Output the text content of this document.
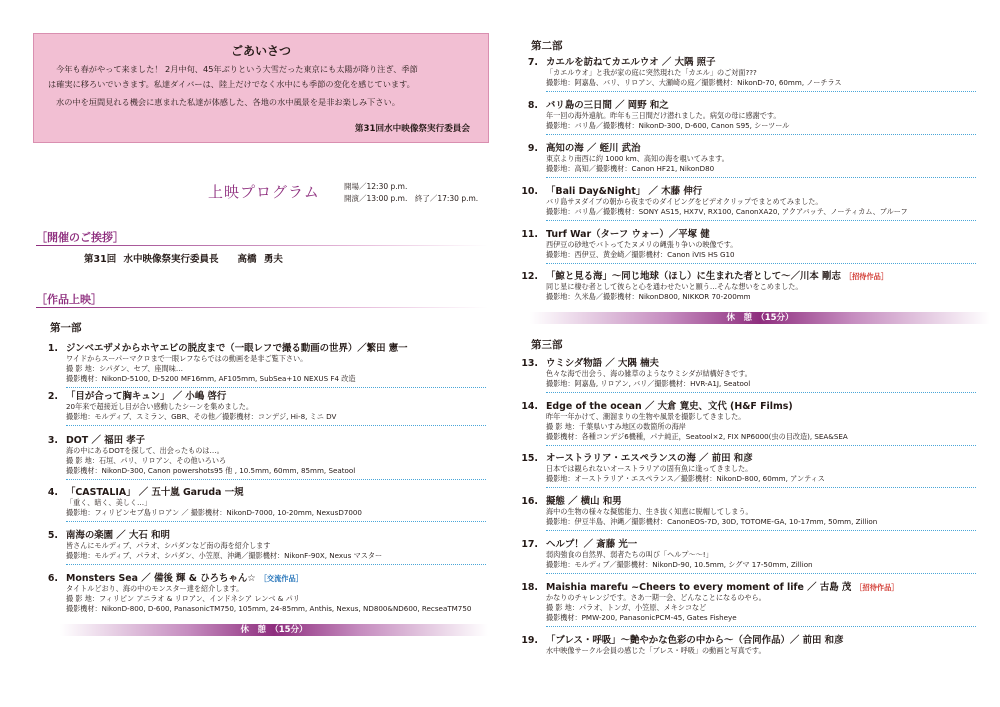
ごあいさつ
今年も春がやって来ました！ 2月中旬、45年ぶりという大雪だった東京にも太陽が降り注ぎ、季節
は確実に移ろいでいきます。私達ダイバーは、陸上だけでなく水中にも季節の変化を感じています。
水の中を垣間見れる機会に恵まれた私達が体感した、各地の水中風景を是非お楽しみ下さい。
第31回水中映像祭実行委員会
上映プログラム	開場／12:30 p.m.
開演／13:00 p.m.　終了／17:30 p.m.
［開催のご挨拶］
第31回 水中映像祭実行委員長　　高橋 勇夫
［作品上映］
第一部
第二部
第三部
休　憩　（15分）
休　憩　（15分）
1. ジンベエザメからホヤエビの脱皮まで（一眼レフで撮る動画の世界）／繁田 憲一
ワイドからスーパーマクロまで一眼レフならではの動画を是非ご覧下さい。
撮 影 地：シパダン、セブ、座間味…
撮影機材：NikonD-5100, D-5200 MF16mm, AF105mm, SubSea+10 NEXUS F4 改造
2. 「目が合って胸キュン」 ／ 小嶋 啓行
20年来で超接近し目が合い感動したシーンを集めました。
撮影地：モルディブ、スミラン、GBR、その他／撮影機材：コンデジ, Hi-8, ミニ DV
3. DOT ／ 福田 孝子
海の中にあるDOTを探して、出会ったものは…。
撮 影 地：石垣、パリ、リロアン、その他いろいろ
撮影機材：NikonD-300, Canon powershots95 他 , 10.5mm, 60mm, 85mm, Seatool
4. 「CASTALIA」 ／ 五十嵐 Garuda 一規
「重く、暗く、美しく…」
撮影地：フィリピンセブ島リロアン ／ 撮影機材：NikonD-7000, 10-20mm, NexusD7000
5. 南海の楽園 ／ 大石 和明
皆さんにモルディブ、パラオ、シパダンなど南の海を紹介します
撮影地：モルディブ、パラオ、シパダン、小笠原、沖縄／撮影機材：NikonF-90X, Nexus マスター
6. Monsters Sea ／ 備後 輝 & ひろちゃん☆ ［交流作品］
タイトルどおり、海の中のモンスター達を紹介します。
撮 影 地：フィリピン アニラオ & リロアン、インドネシア レンベ & パリ
撮影機材：NikonD-800, D-600, PanasonicTM750, 105mm, 24-85mm, Anthis, Nexus, ND800&ND600, RecseaTM750
7. カエルを訪ねてカエルウオ ／ 大隅 照子
「カエルウオ」と我が家の庭に突然現れた「カエル」のご対面???
撮影地：阿嘉島、バリ、リロアン、大瀬崎の庭／撮影機材：NikonD-70, 60mm, ノーチラス
8. バリ島の三日間 ／ 岡野 和之
年一回の海外遠航。昨年も三日間だけ潜れました。病気の母に感謝です。
撮影地：バリ島／撮影機材：NikonD-300, D-600, Canon S95, シーツール
9. 高知の海 ／ 蛭川 武治
東京より南西に約 1000 km、高知の海を覗いてみます。
撮影地：高知／撮影機材：Canon HF21, NikonD80
10. 「Bali Day&Night」 ／ 木藤 伸行
バリ島サヌダイブの朝から夜までのダイビングをビデオクリップでまとめてみました。
撮影地：バリ島／撮影機材：SONY AS15, HX7V, RX100, CanonXA20, アクアバッテ、ノーティカム、ブルーフ
11. Turf War（ターフ ウォー）／平塚 健
西伊豆の砂地でバトってたヌメリの縄張り争いの映像です。
撮影地：西伊豆、黄金崎／撮影機材：Canon iVIS HS G10
12. 「鯨と見る海」〜同じ地球（ほし）に生まれた者として〜／川本 剛志 ［招待作品］
同じ星に棲む者として彼らと心を通わせたいと願う…そんな想いをこめました。
撮影地：久米島／撮影機材：NikonD800, NIKKOR 70-200mm
13. ウミシダ物語 ／ 大隅 楠夫
色々な海で出会う、海の雑草のようなウミシダが結構好きです。
撮影地：阿嘉島, リロアン, バリ／撮影機材：HVR-A1J, Seatool
14. Edge of the ocean ／ 大倉 寛史、文代 (H&F Films)
昨年一年かけて、潮溜まりの生物や風景を撮影してきました。
撮 影 地：千葉県いすみ地区の数箇所の海岸
撮影機材：各種コンデジ6機種，パナ純正，Seatool×2, FIX NP6000(虫の目改造), SEA&SEA
15. オーストラリア・エスペランスの海 ／ 前田 和彦
日本では観られないオーストラリアの固有魚に逢ってきました。
撮影地：オーストラリア・エスペランス／撮影機材：NikonD-800, 60mm, アンティス
16. 擬態 ／ 横山 和男
海中の生物の様々な擬態能力、生き抜く知恵に脱帽してしまう。
撮影地：伊豆半島、沖縄／撮影機材：CanonEOS-7D, 30D, TOTOME-GA, 10-17mm, 50mm, Zillion
17. ヘルプ！／ 斎藤 光一
弱肉強食の自然界、弱者たちの叫び「ヘルプ〜〜!」
撮影地：モルディブ／撮影機材：NikonD-90, 10.5mm, シグマ 17-50mm, Zillion
18. Maishia marefu ~Cheers to every moment of life ／ 古島 茂 ［招待作品］
かなりのチャレンジです。さあ一期一会、どんなことになるのやら。
撮 影 地：パラオ、トンガ、小笠原、メキシコなど
撮影機材：PMW-200, PanasonicPCM-45, Gates Fisheye
19. 「ブレス・呼吸」〜艶やかな色彩の中から〜（合同作品）／ 前田 和彦
水中映像サークル会員の感じた「ブレス・呼吸」の動画と写真です。
